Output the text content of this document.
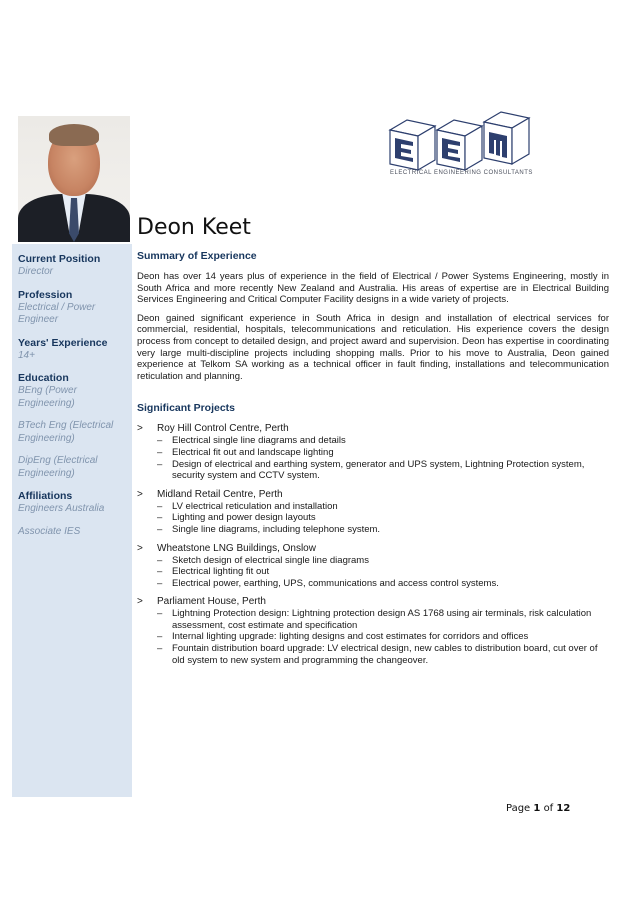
ELECTRICAL ENGINEERING CONSULTANTS
Deon Keet
Current Position
Director
Profession
Electrical / Power Engineer
Years' Experience
14+
Education
BEng (Power Engineering)
BTech Eng (Electrical Engineering)
DipEng (Electrical Engineering)
Affiliations
Engineers Australia
Associate IES
Summary of Experience

Deon has over 14 years plus of experience in the field of Electrical / Power Systems Engineering, mostly in South Africa and more recently New Zealand and Australia. His areas of expertise are in Electrical Building Services Engineering and Critical Computer Facility designs in a wide variety of projects.

Deon gained significant experience in South Africa in design and installation of electrical services for commercial, residential, hospitals, telecommunications and reticulation. His experience covers the design process from concept to detailed design, and project award and supervision. Deon has expertise in coordinating very large multi-discipline projects including shopping malls. Prior to his move to Australia, Deon gained experience at Telkom SA working as a technical officer in fault finding, installations and telecommunication reticulation and planning.

Significant Projects
> Roy Hill Control Centre, Perth
– Electrical single line diagrams and details
– Electrical fit out and landscape lighting
– Design of electrical and earthing system, generator and UPS system, Lightning Protection system, security system and CCTV system.
> Midland Retail Centre, Perth
– LV electrical reticulation and installation
– Lighting and power design layouts
– Single line diagrams, including telephone system.
> Wheatstone LNG Buildings, Onslow
– Sketch design of electrical single line diagrams
– Electrical lighting fit out
– Electrical power, earthing, UPS, communications and access control systems.
> Parliament House, Perth
– Lightning Protection design: Lightning protection design AS 1768 using air terminals, risk calculation assessment, cost estimate and specification
– Internal lighting upgrade: lighting designs and cost estimates for corridors and offices
– Fountain distribution board upgrade: LV electrical design, new cables to distribution board, cut over of old system to new system and programming the changeover.
Page 1 of 12
